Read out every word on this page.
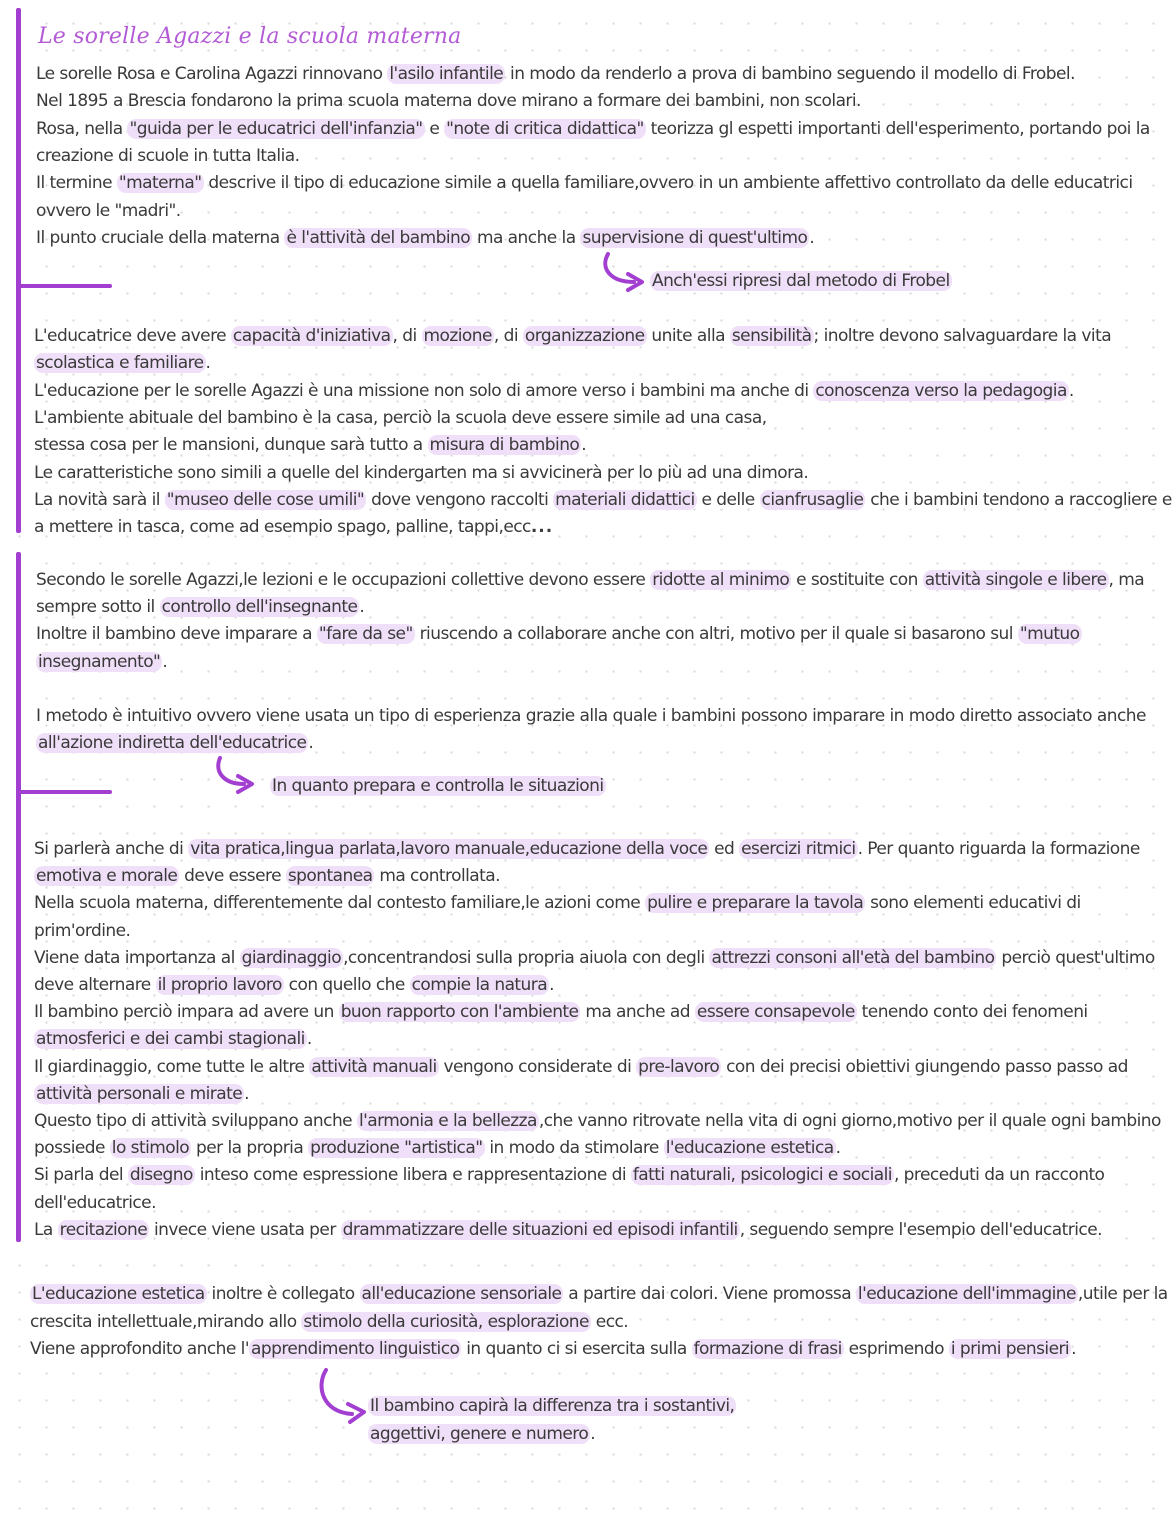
Le sorelle Agazzi e la scuola materna
Le sorelle Rosa e Carolina Agazzi rinnovano l'asilo infantile in modo da renderlo a prova di bambino seguendo il modello di Frobel.
Nel 1895 a Brescia fondarono la prima scuola materna dove mirano a formare dei bambini, non scolari.
Rosa, nella "guida per le educatrici dell'infanzia" e "note di critica didattica" teorizza gl espetti importanti dell'esperimento, portando poi la
creazione di scuole in tutta Italia.
Il termine "materna" descrive il tipo di educazione simile a quella familiare,ovvero in un ambiente affettivo controllato da delle educatrici
ovvero le "madri".
Il punto cruciale della materna è l'attività del bambino ma anche la supervisione di quest'ultimo .
Anch'essi ripresi dal metodo di Frobel
L'educatrice deve avere capacità d'iniziativa , di mozione , di organizzazione unite alla sensibilità ; inoltre devono salvaguardare la vita
scolastica e familiare .
L'educazione per le sorelle Agazzi è una missione non solo di amore verso i bambini ma anche di conoscenza verso la pedagogia .
L'ambiente abituale del bambino è la casa, perciò la scuola deve essere simile ad una casa,
stessa cosa per le mansioni, dunque sarà tutto a misura di bambino .
Le caratteristiche sono simili a quelle del kindergarten ma si avvicinerà per lo più ad una dimora.
La novità sarà il "museo delle cose umili" dove vengono raccolti materiali didattici e delle cianfrusaglie che i bambini tendono a raccogliere e
a mettere in tasca, come ad esempio spago, palline, tappi,ecc...
Secondo le sorelle Agazzi,le lezioni e le occupazioni collettive devono essere ridotte al minimo e sostituite con attività singole e libere , ma
sempre sotto il controllo dell'insegnante .
Inoltre il bambino deve imparare a "fare da se" riuscendo a collaborare anche con altri, motivo per il quale si basarono sul "mutuo
insegnamento" .
I metodo è intuitivo ovvero viene usata un tipo di esperienza grazie alla quale i bambini possono imparare in modo diretto associato anche
all'azione indiretta dell'educatrice .
In quanto prepara e controlla le situazioni
Si parlerà anche di vita pratica,lingua parlata,lavoro manuale,educazione della voce ed esercizi ritmici . Per quanto riguarda la formazione
emotiva e morale deve essere spontanea ma controllata.
Nella scuola materna, differentemente dal contesto familiare,le azioni come pulire e preparare la tavola sono elementi educativi di
prim'ordine.
Viene data importanza al giardinaggio ,concentrandosi sulla propria aiuola con degli attrezzi consoni all'età del bambino perciò quest'ultimo
deve alternare il proprio lavoro con quello che compie la natura .
Il bambino perciò impara ad avere un buon rapporto con l'ambiente ma anche ad essere consapevole tenendo conto dei fenomeni
atmosferici e dei cambi stagionali .
Il giardinaggio, come tutte le altre attività manuali vengono considerate di pre-lavoro con dei precisi obiettivi giungendo passo passo ad
attività personali e mirate .
Questo tipo di attività sviluppano anche l'armonia e la bellezza ,che vanno ritrovate nella vita di ogni giorno,motivo per il quale ogni bambino
possiede lo stimolo per la propria produzione "artistica" in modo da stimolare l'educazione estetica .
Si parla del disegno inteso come espressione libera e rappresentazione di fatti naturali, psicologici e sociali , preceduti da un racconto
dell'educatrice.
La recitazione invece viene usata per drammatizzare delle situazioni ed episodi infantili , seguendo sempre l'esempio dell'educatrice.
L'educazione estetica inoltre è collegato all'educazione sensoriale a partire dai colori. Viene promossa l'educazione dell'immagine ,utile per la
crescita intellettuale,mirando allo stimolo della curiosità, esplorazione ecc.
Viene approfondito anche l' apprendimento linguistico in quanto ci si esercita sulla formazione di frasi esprimendo i primi pensieri .
Il bambino capirà la differenza tra i sostantivi,
aggettivi, genere e numero .
